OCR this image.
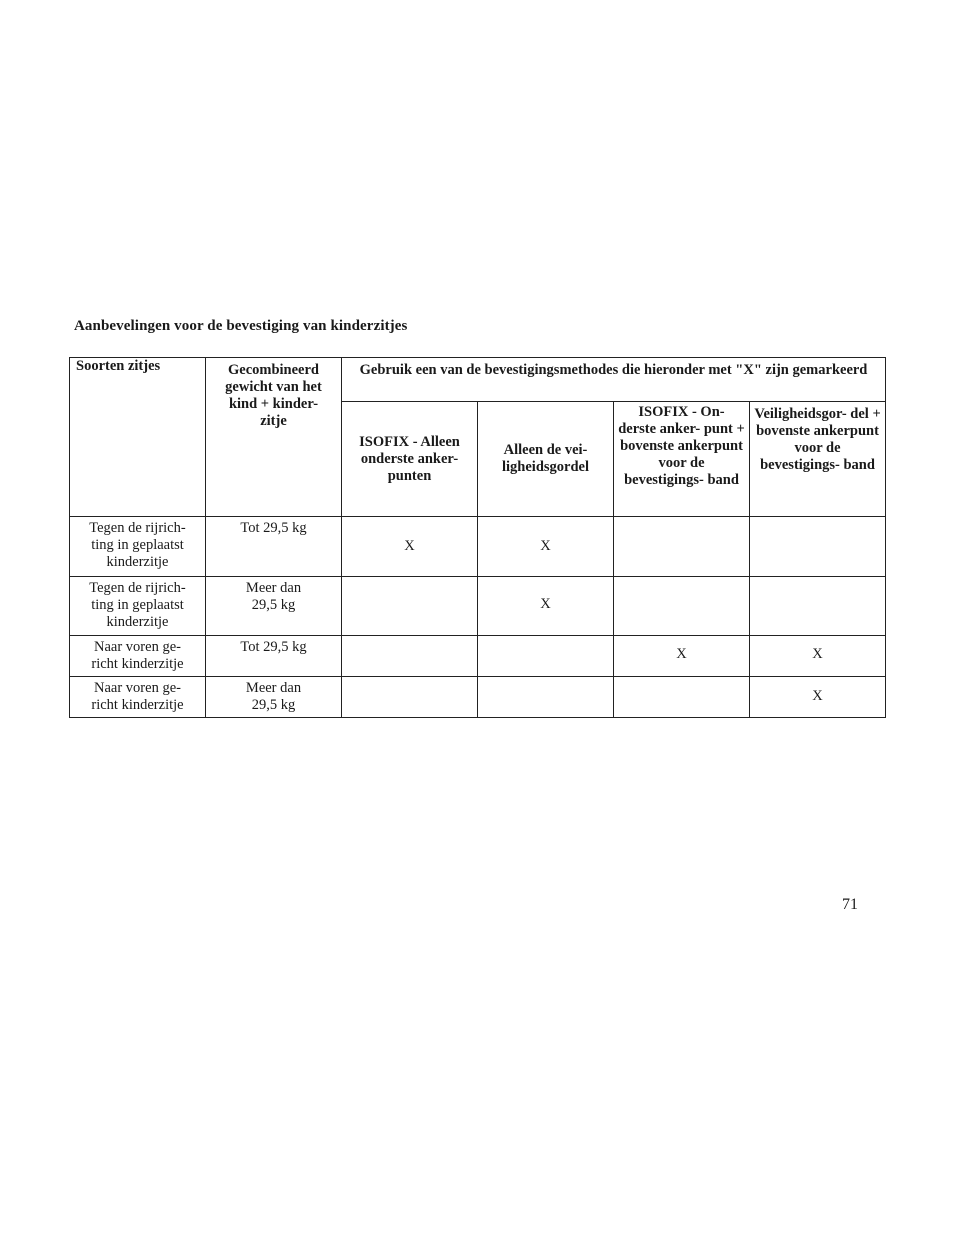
Aanbevelingen voor de bevestiging van kinderzitjes
Soorten zitjes	Gecombineerd gewicht van het kind + kinder- zitje	Gebruik een van de bevestigingsmethodes die hieronder met "X" zijn gemarkeerd			
		ISOFIX - Alleen onderste anker- punten	Alleen de vei- ligheidsgordel	ISOFIX - On- derste anker- punt + bovenste ankerpunt voor de bevestigings- band	Veiligheidsgor- del + bovenste ankerpunt voor de bevestigings- band
Tegen de rijrich- ting in geplaatst kinderzitje	Tot 29,5 kg	X	X		
Tegen de rijrich- ting in geplaatst kinderzitje	Meer dan 29,5 kg		X		
Naar voren ge- richt kinderzitje	Tot 29,5 kg			X	X
Naar voren ge- richt kinderzitje	Meer dan 29,5 kg				X
71
